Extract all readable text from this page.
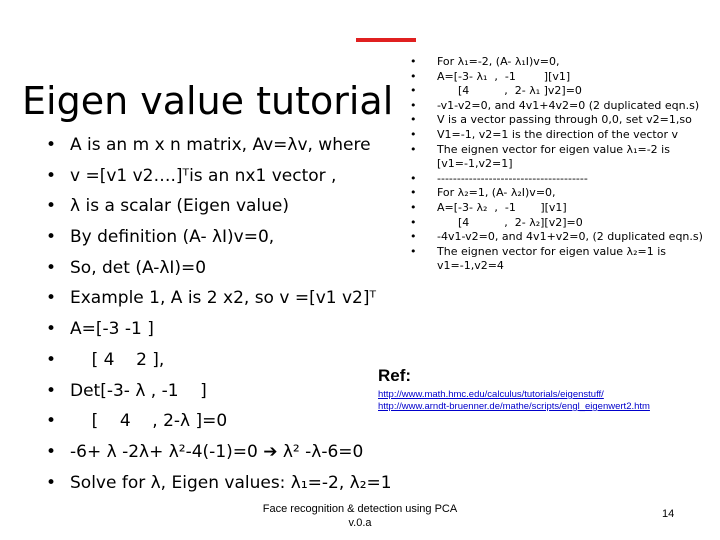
Eigen value tutorial
• A is an m x n matrix, Av=λv, where
• v =[v1 v2….]ᵀis an nx1 vector ,
• λ is a scalar (Eigen value)
• By definition (A- λI)v=0,
• So, det (A-λI)=0
• Example 1, A is 2 x2, so v =[v1 v2]ᵀ
• A=[-3 -1 ]
•     [ 4    2 ],
• Det[-3- λ , -1    ]
•     [    4    , 2-λ ]=0
• -6+ λ -2λ+ λ²-4(-1)=0 ➔ λ² -λ-6=0
• Solve for λ, Eigen values: λ₁=-2, λ₂=1
• For λ₁=-2, (A- λ₁I)v=0,
• A=[-3- λ₁  ,  -1        ][v1]
•       [4          ,  2- λ₁ ]v2]=0
• -v1-v2=0, and 4v1+4v2=0 (2 duplicated eqn.s)
• V is a vector passing through 0,0, set v2=1,so
• V1=-1, v2=1 is the direction of the vector v
• The eignen vector for eigen value λ₁=-2 is [v1=-1,v2=1]
• --------------------------------------
• For λ₂=1, (A- λ₂I)v=0,
• A=[-3- λ₂  ,  -1       ][v1]
•       [4          ,  2- λ₂][v2]=0
• -4v1-v2=0, and 4v1+v2=0, (2 duplicated eqn.s)
• The eignen vector for eigen value λ₂=1 is v1=-1,v2=4
Ref:
http://www.math.hmc.edu/calculus/tutorials/eigenstuff/
http://www.arndt-bruenner.de/mathe/scripts/engl_eigenwert2.htm
Face recognition & detection using PCA
v.0.a
14
